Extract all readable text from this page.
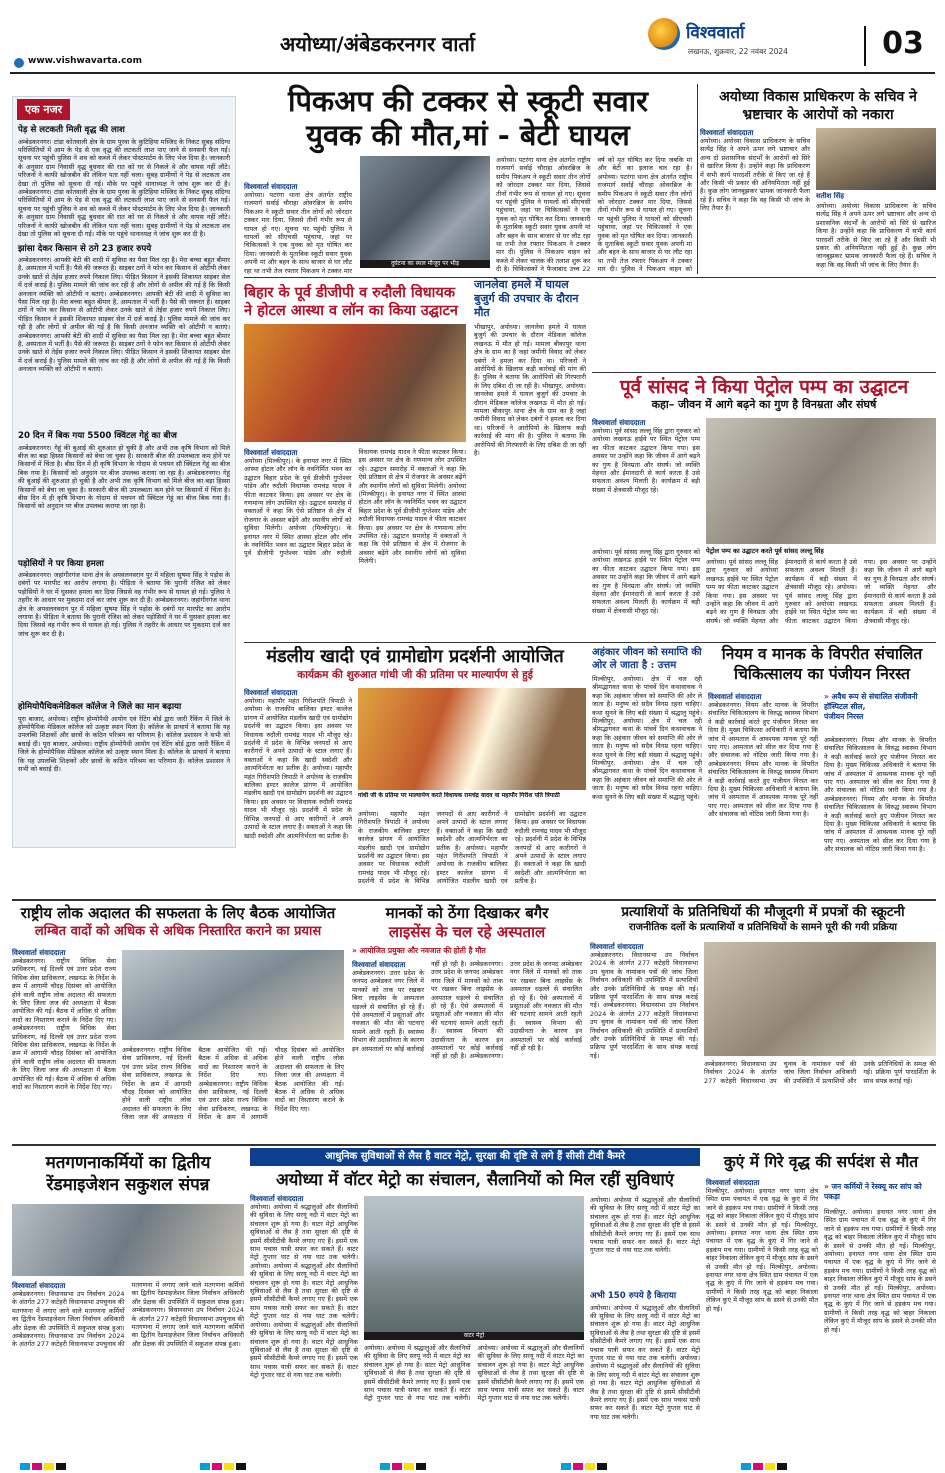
अयोध्या/अंबेडकरनगर वार्ता	विश्ववार्ता
लखनऊ, शुक्रवार, 22 नवंबर 2024	03
www.vishwavarta.com
एक नजर
पेड़ से लटकती मिली वृद्ध की लाश
अम्बेडकरनगर। टांडा कोतवाली क्षेत्र के ग्राम पुरवा के कुटिहिया मस्जिद के निकट सुबह संदिग्ध परिस्थितियों में आम के पेड़ से एक वृद्ध की लटकती लाश पाए जाने से सनसनी फैल गई। सूचना पर पहुंची पुलिस ने शव को कब्जे में लेकर पोस्टमार्टम के लिए भेज दिया है। जानकारी के अनुसार ग्राम निवासी वृद्ध बुधवार की रात को घर से निकले थे और वापस नहीं लौटे। परिजनों ने काफी खोजबीन की लेकिन पता नहीं चला। सुबह ग्रामीणों ने पेड़ से लटकता शव देखा तो पुलिस को सूचना दी गई। मौके पर पहुंचे थानाध्यक्ष ने जांच शुरू कर दी है। अम्बेडकरनगर। टांडा कोतवाली क्षेत्र के ग्राम पुरवा के कुटिहिया मस्जिद के निकट सुबह संदिग्ध परिस्थितियों में आम के पेड़ से एक वृद्ध की लटकती लाश पाए जाने से सनसनी फैल गई। सूचना पर पहुंची पुलिस ने शव को कब्जे में लेकर पोस्टमार्टम के लिए भेज दिया है। जानकारी के अनुसार ग्राम निवासी वृद्ध बुधवार की रात को घर से निकले थे और वापस नहीं लौटे। परिजनों ने काफी खोजबीन की लेकिन पता नहीं चला। सुबह ग्रामीणों ने पेड़ से लटकता शव देखा तो पुलिस को सूचना दी गई। मौके पर पहुंचे थानाध्यक्ष ने जांच शुरू कर दी है।
झांसा देकर किसान से ठगे 23 हजार रुपये
अम्बेडकरनगर। आपकी बेटी की शादी में सुविधा का पैसा मिल रहा है। मेरा बच्चा बहुत बीमार है, अस्पताल में भर्ती है। पैसे की जरूरत है। साइबर ठगों ने फोन कर किसान से ओटीपी लेकर उनके खाते से तेईस हजार रुपये निकाल लिए। पीड़ित किसान ने इसकी शिकायत साइबर सेल में दर्ज कराई है। पुलिस मामले की जांच कर रही है और लोगों से अपील की गई है कि किसी अनजान व्यक्ति को ओटीपी न बताएं। अम्बेडकरनगर। आपकी बेटी की शादी में सुविधा का पैसा मिल रहा है। मेरा बच्चा बहुत बीमार है, अस्पताल में भर्ती है। पैसे की जरूरत है। साइबर ठगों ने फोन कर किसान से ओटीपी लेकर उनके खाते से तेईस हजार रुपये निकाल लिए। पीड़ित किसान ने इसकी शिकायत साइबर सेल में दर्ज कराई है। पुलिस मामले की जांच कर रही है और लोगों से अपील की गई है कि किसी अनजान व्यक्ति को ओटीपी न बताएं। अम्बेडकरनगर। आपकी बेटी की शादी में सुविधा का पैसा मिल रहा है। मेरा बच्चा बहुत बीमार है, अस्पताल में भर्ती है। पैसे की जरूरत है। साइबर ठगों ने फोन कर किसान से ओटीपी लेकर उनके खाते से तेईस हजार रुपये निकाल लिए। पीड़ित किसान ने इसकी शिकायत साइबर सेल में दर्ज कराई है। पुलिस मामले की जांच कर रही है और लोगों से अपील की गई है कि किसी अनजान व्यक्ति को ओटीपी न बताएं।
20 दिन में बिक गया 5500 क्विंटल गेहूं का बीज
अम्बेडकरनगर। गेहूं की बुआई की शुरुआत हो चुकी है और अभी तक कृषि विभाग को मिले बीज का बड़ा हिस्सा किसानों को बेचा जा चुका है। सरकारी बीज की उपलब्धता कम होने पर किसानों में चिंता है। बीस दिन में ही कृषि विभाग के गोदाम से पचपन सौ क्विंटल गेहूं का बीज बिक गया है। किसानों को अनुदान पर बीज उपलब्ध कराया जा रहा है। अम्बेडकरनगर। गेहूं की बुआई की शुरुआत हो चुकी है और अभी तक कृषि विभाग को मिले बीज का बड़ा हिस्सा किसानों को बेचा जा चुका है। सरकारी बीज की उपलब्धता कम होने पर किसानों में चिंता है। बीस दिन में ही कृषि विभाग के गोदाम से पचपन सौ क्विंटल गेहूं का बीज बिक गया है। किसानों को अनुदान पर बीज उपलब्ध कराया जा रहा है।
पड़ोसियों ने पर किया हमला
अम्बेडकरनगर। जहांगीरगंज थाना क्षेत्र के अयवलनवरान पुर में महिला सुषमा सिंह ने पड़ोस के दबंगों पर मारपीट का आरोप लगाया है। पीड़िता ने बताया कि पुरानी रंजिश को लेकर पड़ोसियों ने घर में घुसकर हमला कर दिया जिससे वह गंभीर रूप से घायल हो गई। पुलिस ने तहरीर के आधार पर मुकदमा दर्ज कर जांच शुरू कर दी है। अम्बेडकरनगर। जहांगीरगंज थाना क्षेत्र के अयवलनवरान पुर में महिला सुषमा सिंह ने पड़ोस के दबंगों पर मारपीट का आरोप लगाया है। पीड़िता ने बताया कि पुरानी रंजिश को लेकर पड़ोसियों ने घर में घुसकर हमला कर दिया जिससे वह गंभीर रूप से घायल हो गई। पुलिस ने तहरीर के आधार पर मुकदमा दर्ज कर जांच शुरू कर दी है।
होमियोपैथिकमेडिकल कॉलेज ने जिले का मान बढ़ाया
पूरा बाजार, अयोध्या। राष्ट्रीय होम्योपैथी आयोग एवं रेटिंग बोर्ड द्वारा जारी रैंकिंग में जिले के होम्योपैथिक मेडिकल कॉलेज को उत्कृष्ट स्थान मिला है। कॉलेज के प्राचार्य ने बताया कि यह उपलब्धि शिक्षकों और छात्रों के कठिन परिश्रम का परिणाम है। कॉलेज प्रशासन ने सभी को बधाई दी। पूरा बाजार, अयोध्या। राष्ट्रीय होम्योपैथी आयोग एवं रेटिंग बोर्ड द्वारा जारी रैंकिंग में जिले के होम्योपैथिक मेडिकल कॉलेज को उत्कृष्ट स्थान मिला है। कॉलेज के प्राचार्य ने बताया कि यह उपलब्धि शिक्षकों और छात्रों के कठिन परिश्रम का परिणाम है। कॉलेज प्रशासन ने सभी को बधाई दी।
पिकअप की टक्कर से स्कूटी सवार
युवक की मौत,मां - बेटी घायल
विश्ववार्ता संवाददाता
अयोध्या। पटरंगा थाना क्षेत्र अंतर्गत राष्ट्रीय राजमार्ग सर्वाई चौराहा ओवरब्रिज के समीप पिकअप ने स्कूटी सवार तीन लोगों को जोरदार टक्कर मार दिया, जिससे तीनों गंभीर रूप से घायल हो गए। सूचना पर पहुंची पुलिस ने घायलों को सीएचसी पहुंचाया, जहां पर चिकित्सकों ने एक युवक को मृत घोषित कर दिया। जानकारी के मुताबिक स्कूटी सवार युवक अपनी मां और बहन के साथ बाजार से घर लौट रहा था तभी तेज रफ्तार पिकअप ने टक्कर मार
दुर्घटना का स्थल मौजूद पर भीड़
अयोध्या। पटरंगा थाना क्षेत्र अंतर्गत राष्ट्रीय राजमार्ग सर्वाई चौराहा ओवरब्रिज के समीप पिकअप ने स्कूटी सवार तीन लोगों को जोरदार टक्कर मार दिया, जिससे तीनों गंभीर रूप से घायल हो गए। सूचना पर पहुंची पुलिस ने घायलों को सीएचसी पहुंचाया, जहां पर चिकित्सकों ने एक युवक को मृत घोषित कर दिया। जानकारी के मुताबिक स्कूटी सवार युवक अपनी मां और बहन के साथ बाजार से घर लौट रहा था तभी तेज रफ्तार पिकअप ने टक्कर मार दी। पुलिस ने पिकअप वाहन को कब्जे में लेकर चालक की तलाश शुरू कर दी है। चिकित्सकों ने फैजाबाद उच्च 22 वर्ष को मृत घोषित कर दिया जबकि मां और बेटी का इलाज चल रहा है। अयोध्या। पटरंगा थाना क्षेत्र अंतर्गत राष्ट्रीय राजमार्ग सर्वाई चौराहा ओवरब्रिज के समीप पिकअप ने स्कूटी सवार तीन लोगों को जोरदार टक्कर मार दिया, जिससे तीनों गंभीर रूप से घायल हो गए। सूचना पर पहुंची पुलिस ने घायलों को सीएचसी पहुंचाया, जहां पर चिकित्सकों ने एक युवक को मृत घोषित कर दिया। जानकारी के मुताबिक स्कूटी सवार युवक अपनी मां और बहन के साथ बाजार से घर लौट रहा था तभी तेज रफ्तार पिकअप ने टक्कर मार दी। पुलिस ने पिकअप वाहन को
अयोध्या विकास प्राधिकरण के सचिव ने भ्रष्टाचार के आरोपों को नकारा
विश्ववार्ता संवाददाता
अयोध्या। अयोध्या विकास प्राधिकरण के सचिव सत्येंद्र सिंह ने अपने ऊपर लगे भ्रष्टाचार और अन्य दो प्रशासनिक संदर्भों के आरोपों को सिरे से खारिज किया है। उन्होंने कहा कि प्राधिकरण में सभी कार्य पारदर्शी तरीके से किए जा रहे हैं और किसी भी प्रकार की अनियमितता नहीं हुई है। कुछ लोग जानबूझकर भ्रामक जानकारी फैला रहे हैं। सचिव ने कहा कि वह किसी भी जांच के लिए तैयार हैं।
सतीश सिंह
अयोध्या। अयोध्या विकास प्राधिकरण के सचिव सत्येंद्र सिंह ने अपने ऊपर लगे भ्रष्टाचार और अन्य दो प्रशासनिक संदर्भों के आरोपों को सिरे से खारिज किया है। उन्होंने कहा कि प्राधिकरण में सभी कार्य पारदर्शी तरीके से किए जा रहे हैं और किसी भी प्रकार की अनियमितता नहीं हुई है। कुछ लोग जानबूझकर भ्रामक जानकारी फैला रहे हैं। सचिव ने कहा कि वह किसी भी जांच के लिए तैयार हैं।
बिहार के पूर्व डीजीपी व रुदौली विधायक ने होटल आस्था व लॉन का किया उद्घाटन
विश्ववार्ता संवाददाता
अयोध्या (मिल्कीपुर)। के इनायत नगर में स्थित आस्था होटल और लॉन के नवनिर्मित भवन का उद्घाटन बिहार प्रदेश के पूर्व डीजीपी गुप्तेश्वर पांडेय और रुदौली विधायक रामचंद्र यादव ने फीता काटकर किया। इस अवसर पर क्षेत्र के गणमान्य लोग उपस्थित रहे। उद्घाटन समारोह में वक्ताओं ने कहा कि ऐसे प्रतिष्ठान से क्षेत्र में रोजगार के अवसर बढ़ेंगे और स्थानीय लोगों को सुविधा मिलेगी। अयोध्या (मिल्कीपुर)। के इनायत नगर में स्थित आस्था होटल और लॉन के नवनिर्मित भवन का उद्घाटन बिहार प्रदेश के पूर्व डीजीपी गुप्तेश्वर पांडेय और रुदौली विधायक रामचंद्र यादव ने फीता काटकर किया। इस अवसर पर क्षेत्र के गणमान्य लोग उपस्थित रहे। उद्घाटन समारोह में वक्ताओं ने कहा कि ऐसे प्रतिष्ठान से क्षेत्र में रोजगार के अवसर बढ़ेंगे और स्थानीय लोगों को सुविधा मिलेगी। अयोध्या (मिल्कीपुर)। के इनायत नगर में स्थित आस्था होटल और लॉन के नवनिर्मित भवन का उद्घाटन बिहार प्रदेश के पूर्व डीजीपी गुप्तेश्वर पांडेय और रुदौली विधायक रामचंद्र यादव ने फीता काटकर किया। इस अवसर पर क्षेत्र के गणमान्य लोग उपस्थित रहे। उद्घाटन समारोह में वक्ताओं ने कहा कि ऐसे प्रतिष्ठान से क्षेत्र में रोजगार के अवसर बढ़ेंगे और स्थानीय लोगों को सुविधा मिलेगी।
जानलेवा हमले में घायल बुजुर्ग की उपचार के दौरान मौत
भीखापुर, अयोध्या। जानलेवा हमले में घायल बुजुर्ग की उपचार के दौरान मेडिकल कॉलेज लखनऊ में मौत हो गई। मामला बीकापुर थाना क्षेत्र के ग्राम का है जहां जमीनी विवाद को लेकर दबंगों ने हमला कर दिया था। परिजनों ने आरोपियों के खिलाफ कड़ी कार्रवाई की मांग की है। पुलिस ने बताया कि आरोपियों की गिरफ्तारी के लिए दबिश दी जा रही है। भीखापुर, अयोध्या। जानलेवा हमले में घायल बुजुर्ग की उपचार के दौरान मेडिकल कॉलेज लखनऊ में मौत हो गई। मामला बीकापुर थाना क्षेत्र के ग्राम का है जहां जमीनी विवाद को लेकर दबंगों ने हमला कर दिया था। परिजनों ने आरोपियों के खिलाफ कड़ी कार्रवाई की मांग की है। पुलिस ने बताया कि आरोपियों की गिरफ्तारी के लिए दबिश दी जा रही है।
पूर्व सांसद ने किया पेट्रोल पम्प का उद्घाटन
कहा– जीवन में आगे बढ़ने का गुण है विनम्रता और संघर्ष
विश्ववार्ता संवाददाता
अयोध्या। पूर्व सांसद लल्लू सिंह द्वारा गुरुवार को अयोध्या लखनऊ हाईवे पर स्थित पेट्रोल पम्प का फीता काटकर उद्घाटन किया गया। इस अवसर पर उन्होंने कहा कि जीवन में आगे बढ़ने का गुण है विनम्रता और संघर्ष। जो व्यक्ति मेहनत और ईमानदारी से कार्य करता है उसे सफलता अवश्य मिलती है। कार्यक्रम में बड़ी संख्या में क्षेत्रवासी मौजूद रहे।
पेट्रोल पम्प का उद्घाटन करते पूर्व सांसद लल्लू सिंह
अयोध्या। पूर्व सांसद लल्लू सिंह द्वारा गुरुवार को अयोध्या लखनऊ हाईवे पर स्थित पेट्रोल पम्प का फीता काटकर उद्घाटन किया गया। इस अवसर पर उन्होंने कहा कि जीवन में आगे बढ़ने का गुण है विनम्रता और संघर्ष। जो व्यक्ति मेहनत और ईमानदारी से कार्य करता है उसे सफलता अवश्य मिलती है। कार्यक्रम में बड़ी संख्या में क्षेत्रवासी मौजूद रहे। अयोध्या। पूर्व सांसद लल्लू सिंह द्वारा गुरुवार को अयोध्या लखनऊ हाईवे पर स्थित पेट्रोल पम्प का फीता काटकर उद्घाटन किया गया। इस अवसर पर उन्होंने कहा कि जीवन में आगे बढ़ने का गुण है विनम्रता और संघर्ष। जो व्यक्ति मेहनत और ईमानदारी से कार्य करता है उसे सफलता अवश्य मिलती है। कार्यक्रम में बड़ी संख्या में क्षेत्रवासी मौजूद रहे।
अयोध्या। पूर्व सांसद लल्लू सिंह द्वारा गुरुवार को अयोध्या लखनऊ हाईवे पर स्थित पेट्रोल पम्प का फीता काटकर उद्घाटन किया गया। इस अवसर पर उन्होंने कहा कि जीवन में आगे बढ़ने का गुण है विनम्रता और संघर्ष। जो व्यक्ति मेहनत और ईमानदारी से कार्य करता है उसे सफलता अवश्य मिलती है। कार्यक्रम में बड़ी संख्या में क्षेत्रवासी मौजूद रहे।
मंडलीय खादी एवं ग्रामोद्योग प्रदर्शनी आयोजित
कार्यक्रम की शुरुआत गांधी जी की प्रतिमा पर माल्यार्पण से हुई
विश्ववार्ता संवाददाता
अयोध्या। महापौर महंत गिरीशपति त्रिपाठी ने अयोध्या के राजकीय बालिका इण्टर कालेज प्रांगण में आयोजित मंडलीय खादी एवं ग्रामोद्योग प्रदर्शनी का उद्घाटन किया। इस अवसर पर विधायक रुदौली रामचंद्र यादव भी मौजूद रहे। प्रदर्शनी में प्रदेश के विभिन्न जनपदों से आए कारीगरों ने अपने उत्पादों के स्टाल लगाए हैं। वक्ताओं ने कहा कि खादी स्वदेशी और आत्मनिर्भरता का प्रतीक है। अयोध्या। महापौर महंत गिरीशपति त्रिपाठी ने अयोध्या के राजकीय बालिका इण्टर कालेज प्रांगण में आयोजित मंडलीय खादी एवं ग्रामोद्योग प्रदर्शनी का उद्घाटन किया। इस अवसर पर विधायक रुदौली रामचंद्र यादव भी मौजूद रहे। प्रदर्शनी में प्रदेश के विभिन्न जनपदों से आए कारीगरों ने अपने उत्पादों के स्टाल लगाए हैं। वक्ताओं ने कहा कि खादी स्वदेशी और आत्मनिर्भरता का प्रतीक है।
गांधी जी के प्रतिमा पर माल्यार्पण करते विधायक रामचंद्र यादव वा महापौर गिरीश पति त्रिपाठी
अयोध्या। महापौर महंत गिरीशपति त्रिपाठी ने अयोध्या के राजकीय बालिका इण्टर कालेज प्रांगण में आयोजित मंडलीय खादी एवं ग्रामोद्योग प्रदर्शनी का उद्घाटन किया। इस अवसर पर विधायक रुदौली रामचंद्र यादव भी मौजूद रहे। प्रदर्शनी में प्रदेश के विभिन्न जनपदों से आए कारीगरों ने अपने उत्पादों के स्टाल लगाए हैं। वक्ताओं ने कहा कि खादी स्वदेशी और आत्मनिर्भरता का प्रतीक है। अयोध्या। महापौर महंत गिरीशपति त्रिपाठी ने अयोध्या के राजकीय बालिका इण्टर कालेज प्रांगण में आयोजित मंडलीय खादी एवं ग्रामोद्योग प्रदर्शनी का उद्घाटन किया। इस अवसर पर विधायक रुदौली रामचंद्र यादव भी मौजूद रहे। प्रदर्शनी में प्रदेश के विभिन्न जनपदों से आए कारीगरों ने अपने उत्पादों के स्टाल लगाए हैं। वक्ताओं ने कहा कि खादी स्वदेशी और आत्मनिर्भरता का प्रतीक है।
अहंकार जीवन को समाप्ति की ओर ले जाता है : उत्तम
मिल्कीपुर, अयोध्या। क्षेत्र में चल रही श्रीमद्भागवत कथा के पांचवें दिन कथावाचक ने कहा कि अहंकार जीवन को समाप्ति की ओर ले जाता है। मनुष्य को सदैव विनम्र रहना चाहिए। कथा सुनने के लिए बड़ी संख्या में श्रद्धालु पहुंचे। मिल्कीपुर, अयोध्या। क्षेत्र में चल रही श्रीमद्भागवत कथा के पांचवें दिन कथावाचक ने कहा कि अहंकार जीवन को समाप्ति की ओर ले जाता है। मनुष्य को सदैव विनम्र रहना चाहिए। कथा सुनने के लिए बड़ी संख्या में श्रद्धालु पहुंचे। मिल्कीपुर, अयोध्या। क्षेत्र में चल रही श्रीमद्भागवत कथा के पांचवें दिन कथावाचक ने कहा कि अहंकार जीवन को समाप्ति की ओर ले जाता है। मनुष्य को सदैव विनम्र रहना चाहिए। कथा सुनने के लिए बड़ी संख्या में श्रद्धालु पहुंचे।
नियम व मानक के विपरीत संचालित चिकित्सालय का पंजीयन निरस्त
विश्ववार्ता संवाददाता
अम्बेडकरनगर। नियम और मानक के विपरीत संचालित चिकित्सालय के विरुद्ध स्वास्थ्य विभाग ने कड़ी कार्रवाई करते हुए पंजीयन निरस्त कर दिया है। मुख्य चिकित्सा अधिकारी ने बताया कि जांच में अस्पताल में आवश्यक मानक पूरे नहीं पाए गए। अस्पताल को सील कर दिया गया है और संचालक को नोटिस जारी किया गया है। अम्बेडकरनगर। नियम और मानक के विपरीत संचालित चिकित्सालय के विरुद्ध स्वास्थ्य विभाग ने कड़ी कार्रवाई करते हुए पंजीयन निरस्त कर दिया है। मुख्य चिकित्सा अधिकारी ने बताया कि जांच में अस्पताल में आवश्यक मानक पूरे नहीं पाए गए। अस्पताल को सील कर दिया गया है और संचालक को नोटिस जारी किया गया है।
» अवैध रूप से संचालित संजीवनी हॉस्पिटल सील,
पंजीयन निरस्त
अम्बेडकरनगर। नियम और मानक के विपरीत संचालित चिकित्सालय के विरुद्ध स्वास्थ्य विभाग ने कड़ी कार्रवाई करते हुए पंजीयन निरस्त कर दिया है। मुख्य चिकित्सा अधिकारी ने बताया कि जांच में अस्पताल में आवश्यक मानक पूरे नहीं पाए गए। अस्पताल को सील कर दिया गया है और संचालक को नोटिस जारी किया गया है। अम्बेडकरनगर। नियम और मानक के विपरीत संचालित चिकित्सालय के विरुद्ध स्वास्थ्य विभाग ने कड़ी कार्रवाई करते हुए पंजीयन निरस्त कर दिया है। मुख्य चिकित्सा अधिकारी ने बताया कि जांच में अस्पताल में आवश्यक मानक पूरे नहीं पाए गए। अस्पताल को सील कर दिया गया है और संचालक को नोटिस जारी किया गया है।
राष्ट्रीय लोक अदालत की सफलता के लिए बैठक आयोजित
लम्बित वादों को अधिक से अधिक निस्तारित कराने का प्रयास
विश्ववार्ता संवाददाता
अम्बेडकरनगर। राष्ट्रीय विधिक सेवा प्राधिकरण, नई दिल्ली एवं उत्तर प्रदेश राज्य विधिक सेवा प्राधिकरण, लखनऊ के निर्देश के क्रम में आगामी चौदह दिसंबर को आयोजित होने वाली राष्ट्रीय लोक अदालत की सफलता के लिए जिला जज की अध्यक्षता में बैठक आयोजित की गई। बैठक में अधिक से अधिक वादों का निस्तारण कराने के निर्देश दिए गए। अम्बेडकरनगर। राष्ट्रीय विधिक सेवा प्राधिकरण, नई दिल्ली एवं उत्तर प्रदेश राज्य विधिक सेवा प्राधिकरण, लखनऊ के निर्देश के क्रम में आगामी चौदह दिसंबर को आयोजित होने वाली राष्ट्रीय लोक अदालत की सफलता के लिए जिला जज की अध्यक्षता में बैठक आयोजित की गई। बैठक में अधिक से अधिक वादों का निस्तारण कराने के निर्देश दिए गए।
अम्बेडकरनगर। राष्ट्रीय विधिक सेवा प्राधिकरण, नई दिल्ली एवं उत्तर प्रदेश राज्य विधिक सेवा प्राधिकरण, लखनऊ के निर्देश के क्रम में आगामी चौदह दिसंबर को आयोजित होने वाली राष्ट्रीय लोक अदालत की सफलता के लिए जिला जज की अध्यक्षता में बैठक आयोजित की गई। बैठक में अधिक से अधिक वादों का निस्तारण कराने के निर्देश दिए गए। अम्बेडकरनगर। राष्ट्रीय विधिक सेवा प्राधिकरण, नई दिल्ली एवं उत्तर प्रदेश राज्य विधिक सेवा प्राधिकरण, लखनऊ के निर्देश के क्रम में आगामी चौदह दिसंबर को आयोजित होने वाली राष्ट्रीय लोक अदालत की सफलता के लिए जिला जज की अध्यक्षता में बैठक आयोजित की गई। बैठक में अधिक से अधिक वादों का निस्तारण कराने के निर्देश दिए गए।
मानकों को ठेंगा दिखाकर बगैर
लाइसेंस के चल रहे अस्पताल
» आयोजित प्रयुक्त और नवजात की होती है मौत
विश्ववार्ता संवाददाता
अम्बेडकरनगर। उत्तर प्रदेश के जनपद अम्बेडकर नगर जिले में मानकों को ताक पर रखकर बिना लाइसेंस के अस्पताल धड़ल्ले से संचालित हो रहे हैं। ऐसे अस्पतालों में प्रसूताओं और नवजात की मौत की घटनाएं सामने आती रहती हैं। स्वास्थ्य विभाग की उदासीनता के कारण इन अस्पतालों पर कोई कार्रवाई नहीं हो रही है। अम्बेडकरनगर। उत्तर प्रदेश के जनपद अम्बेडकर नगर जिले में मानकों को ताक पर रखकर बिना लाइसेंस के अस्पताल धड़ल्ले से संचालित हो रहे हैं। ऐसे अस्पतालों में प्रसूताओं और नवजात की मौत की घटनाएं सामने आती रहती हैं। स्वास्थ्य विभाग की उदासीनता के कारण इन अस्पतालों पर कोई कार्रवाई नहीं हो रही है। अम्बेडकरनगर। उत्तर प्रदेश के जनपद अम्बेडकर नगर जिले में मानकों को ताक पर रखकर बिना लाइसेंस के अस्पताल धड़ल्ले से संचालित हो रहे हैं। ऐसे अस्पतालों में प्रसूताओं और नवजात की मौत की घटनाएं सामने आती रहती हैं। स्वास्थ्य विभाग की उदासीनता के कारण इन अस्पतालों पर कोई कार्रवाई नहीं हो रही है।
प्रत्याशियों के प्रतिनिधियों की मौजूदगी में प्रपत्रों की स्क्रूटनी
राजनीतिक दलों के प्रत्याशियों व प्रतिनिधियों के सामने पूरी की गयी प्रक्रिया
विश्ववार्ता संवाददाता
अम्बेडकरनगर। विधानसभा उप निर्वाचन 2024 के अंतर्गत 277 कटेहरी विधानसभा उप चुनाव के नामांकन पत्रों की जांच जिला निर्वाचन अधिकारी की उपस्थिति में प्रत्याशियों और उनके प्रतिनिधियों के समक्ष की गई। प्रक्रिया पूर्ण पारदर्शिता के साथ संपन्न कराई गई। अम्बेडकरनगर। विधानसभा उप निर्वाचन 2024 के अंतर्गत 277 कटेहरी विधानसभा उप चुनाव के नामांकन पत्रों की जांच जिला निर्वाचन अधिकारी की उपस्थिति में प्रत्याशियों और उनके प्रतिनिधियों के समक्ष की गई। प्रक्रिया पूर्ण पारदर्शिता के साथ संपन्न कराई गई।
अम्बेडकरनगर। विधानसभा उप निर्वाचन 2024 के अंतर्गत 277 कटेहरी विधानसभा उप चुनाव के नामांकन पत्रों की जांच जिला निर्वाचन अधिकारी की उपस्थिति में प्रत्याशियों और उनके प्रतिनिधियों के समक्ष की गई। प्रक्रिया पूर्ण पारदर्शिता के साथ संपन्न कराई गई।
मतगणनाकर्मियों का द्वितीय
रेंडमाइजेशन सकुशल संपन्न
विश्ववार्ता संवाददाता
अम्बेडकरनगर। विधानसभा उप निर्वाचन 2024 के अंतर्गत 277 कटेहरी विधानसभा उपचुनाव की मतगणना में लगाए जाने वाले मतगणना कर्मियों का द्वितीय रेंडमाइजेशन जिला निर्वाचन अधिकारी और प्रेक्षक की उपस्थिति में सकुशल संपन्न हुआ। अम्बेडकरनगर। विधानसभा उप निर्वाचन 2024 के अंतर्गत 277 कटेहरी विधानसभा उपचुनाव की मतगणना में लगाए जाने वाले मतगणना कर्मियों का द्वितीय रेंडमाइजेशन जिला निर्वाचन अधिकारी और प्रेक्षक की उपस्थिति में सकुशल संपन्न हुआ। अम्बेडकरनगर। विधानसभा उप निर्वाचन 2024 के अंतर्गत 277 कटेहरी विधानसभा उपचुनाव की मतगणना में लगाए जाने वाले मतगणना कर्मियों का द्वितीय रेंडमाइजेशन जिला निर्वाचन अधिकारी और प्रेक्षक की उपस्थिति में सकुशल संपन्न हुआ।
आधुनिक सुविधाओं से लैस है वाटर मेट्रो, सुरक्षा की दृष्टि से लगे हैं सीसी टीवी कैमरे
अयोध्या में वॉटर मेट्रो का संचालन, सैलानियों को मिल रहीं सुविधाएं
विश्ववार्ता संवाददाता
अयोध्या। अयोध्या में श्रद्धालुओं और सैलानियों की सुविधा के लिए सरयू नदी में वाटर मेट्रो का संचालन शुरू हो गया है। वाटर मेट्रो आधुनिक सुविधाओं से लैस है तथा सुरक्षा की दृष्टि से इसमें सीसीटीवी कैमरे लगाए गए हैं। इसमें एक साथ पचास यात्री सफर कर सकते हैं। वाटर मेट्रो गुप्तार घाट से नया घाट तक चलेगी। अयोध्या। अयोध्या में श्रद्धालुओं और सैलानियों की सुविधा के लिए सरयू नदी में वाटर मेट्रो का संचालन शुरू हो गया है। वाटर मेट्रो आधुनिक सुविधाओं से लैस है तथा सुरक्षा की दृष्टि से इसमें सीसीटीवी कैमरे लगाए गए हैं। इसमें एक साथ पचास यात्री सफर कर सकते हैं। वाटर मेट्रो गुप्तार घाट से नया घाट तक चलेगी। अयोध्या। अयोध्या में श्रद्धालुओं और सैलानियों की सुविधा के लिए सरयू नदी में वाटर मेट्रो का संचालन शुरू हो गया है। वाटर मेट्रो आधुनिक सुविधाओं से लैस है तथा सुरक्षा की दृष्टि से इसमें सीसीटीवी कैमरे लगाए गए हैं। इसमें एक साथ पचास यात्री सफर कर सकते हैं। वाटर मेट्रो गुप्तार घाट से नया घाट तक चलेगी।
वाटर मेट्रो
अयोध्या। अयोध्या में श्रद्धालुओं और सैलानियों की सुविधा के लिए सरयू नदी में वाटर मेट्रो का संचालन शुरू हो गया है। वाटर मेट्रो आधुनिक सुविधाओं से लैस है तथा सुरक्षा की दृष्टि से इसमें सीसीटीवी कैमरे लगाए गए हैं। इसमें एक साथ पचास यात्री सफर कर सकते हैं। वाटर मेट्रो गुप्तार घाट से नया घाट तक चलेगी। अयोध्या। अयोध्या में श्रद्धालुओं और सैलानियों की सुविधा के लिए सरयू नदी में वाटर मेट्रो का संचालन शुरू हो गया है। वाटर मेट्रो आधुनिक सुविधाओं से लैस है तथा सुरक्षा की दृष्टि से इसमें सीसीटीवी कैमरे लगाए गए हैं। इसमें एक साथ पचास यात्री सफर कर सकते हैं। वाटर मेट्रो गुप्तार घाट से नया घाट तक चलेगी।
अयोध्या। अयोध्या में श्रद्धालुओं और सैलानियों की सुविधा के लिए सरयू नदी में वाटर मेट्रो का संचालन शुरू हो गया है। वाटर मेट्रो आधुनिक सुविधाओं से लैस है तथा सुरक्षा की दृष्टि से इसमें सीसीटीवी कैमरे लगाए गए हैं। इसमें एक साथ पचास यात्री सफर कर सकते हैं। वाटर मेट्रो गुप्तार घाट से नया घाट तक चलेगी।
अभी 150 रुपये है किराया
अयोध्या। अयोध्या में श्रद्धालुओं और सैलानियों की सुविधा के लिए सरयू नदी में वाटर मेट्रो का संचालन शुरू हो गया है। वाटर मेट्रो आधुनिक सुविधाओं से लैस है तथा सुरक्षा की दृष्टि से इसमें सीसीटीवी कैमरे लगाए गए हैं। इसमें एक साथ पचास यात्री सफर कर सकते हैं। वाटर मेट्रो गुप्तार घाट से नया घाट तक चलेगी। अयोध्या। अयोध्या में श्रद्धालुओं और सैलानियों की सुविधा के लिए सरयू नदी में वाटर मेट्रो का संचालन शुरू हो गया है। वाटर मेट्रो आधुनिक सुविधाओं से लैस है तथा सुरक्षा की दृष्टि से इसमें सीसीटीवी कैमरे लगाए गए हैं। इसमें एक साथ पचास यात्री सफर कर सकते हैं। वाटर मेट्रो गुप्तार घाट से नया घाट तक चलेगी।
कुएं में गिरे वृद्ध की सर्पदंश से मौत
विश्ववार्ता संवाददाता
मिल्कीपुर, अयोध्या। इनायत नगर थाना क्षेत्र स्थित ग्राम पंचायत में एक वृद्ध के कुएं में गिर जाने से हड़कंप मच गया। ग्रामीणों ने किसी तरह वृद्ध को बाहर निकाला लेकिन कुएं में मौजूद सांप के डसने से उनकी मौत हो गई। मिल्कीपुर, अयोध्या। इनायत नगर थाना क्षेत्र स्थित ग्राम पंचायत में एक वृद्ध के कुएं में गिर जाने से हड़कंप मच गया। ग्रामीणों ने किसी तरह वृद्ध को बाहर निकाला लेकिन कुएं में मौजूद सांप के डसने से उनकी मौत हो गई। मिल्कीपुर, अयोध्या। इनायत नगर थाना क्षेत्र स्थित ग्राम पंचायत में एक वृद्ध के कुएं में गिर जाने से हड़कंप मच गया। ग्रामीणों ने किसी तरह वृद्ध को बाहर निकाला लेकिन कुएं में मौजूद सांप के डसने से उनकी मौत हो गई।
» जन कर्मियों ने रेस्क्यू कर सांप को पकड़ा
मिल्कीपुर, अयोध्या। इनायत नगर थाना क्षेत्र स्थित ग्राम पंचायत में एक वृद्ध के कुएं में गिर जाने से हड़कंप मच गया। ग्रामीणों ने किसी तरह वृद्ध को बाहर निकाला लेकिन कुएं में मौजूद सांप के डसने से उनकी मौत हो गई। मिल्कीपुर, अयोध्या। इनायत नगर थाना क्षेत्र स्थित ग्राम पंचायत में एक वृद्ध के कुएं में गिर जाने से हड़कंप मच गया। ग्रामीणों ने किसी तरह वृद्ध को बाहर निकाला लेकिन कुएं में मौजूद सांप के डसने से उनकी मौत हो गई। मिल्कीपुर, अयोध्या। इनायत नगर थाना क्षेत्र स्थित ग्राम पंचायत में एक वृद्ध के कुएं में गिर जाने से हड़कंप मच गया। ग्रामीणों ने किसी तरह वृद्ध को बाहर निकाला लेकिन कुएं में मौजूद सांप के डसने से उनकी मौत हो गई।
